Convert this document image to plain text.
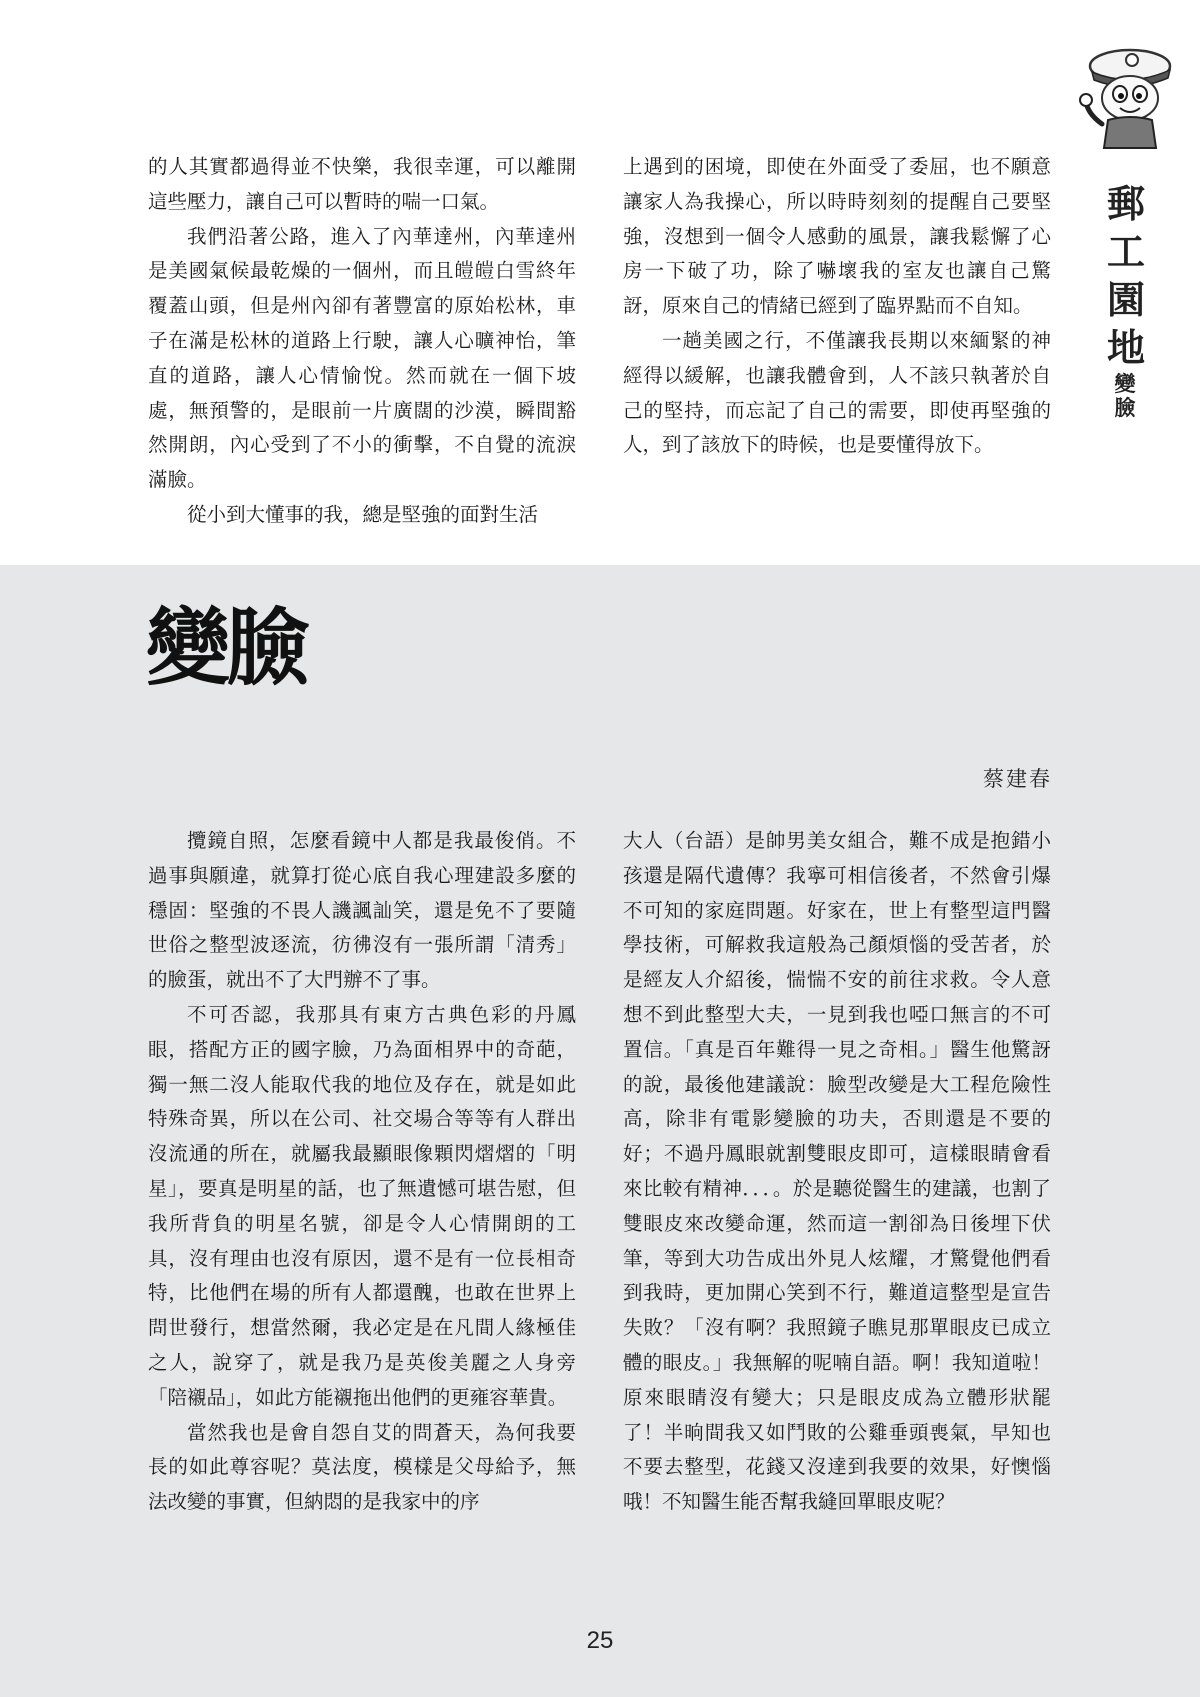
郵
工
園
地
變
臉

的人其實都過得並不快樂，我很幸運，可以離開這些壓力，讓自己可以暫時的喘一口氣。

我們沿著公路，進入了內華達州，內華達州是美國氣候最乾燥的一個州，而且皚皚白雪終年覆蓋山頭，但是州內卻有著豐富的原始松林，車子在滿是松林的道路上行駛，讓人心曠神怡，筆直的道路，讓人心情愉悅。然而就在一個下坡處，無預警的，是眼前一片廣闊的沙漠，瞬間豁然開朗，內心受到了不小的衝擊，不自覺的流淚滿臉。

從小到大懂事的我，總是堅強的面對生活

上遇到的困境，即使在外面受了委屈，也不願意讓家人為我操心，所以時時刻刻的提醒自己要堅強，沒想到一個令人感動的風景，讓我鬆懈了心房一下破了功，除了嚇壞我的室友也讓自己驚訝，原來自己的情緒已經到了臨界點而不自知。

一趟美國之行，不僅讓我長期以來緬緊的神經得以緩解，也讓我體會到，人不該只執著於自己的堅持，而忘記了自己的需要，即使再堅強的人，到了該放下的時候，也是要懂得放下。

變臉
蔡建春

攬鏡自照，怎麼看鏡中人都是我最俊俏。不過事與願違，就算打從心底自我心理建設多麼的穩固：堅強的不畏人譏諷訕笑，還是免不了要隨世俗之整型波逐流，彷彿沒有一張所謂「清秀」的臉蛋，就出不了大門辦不了事。

不可否認，我那具有東方古典色彩的丹鳳眼，搭配方正的國字臉，乃為面相界中的奇葩，獨一無二沒人能取代我的地位及存在，就是如此特殊奇異，所以在公司、社交場合等等有人群出沒流通的所在，就屬我最顯眼像顆閃熠熠的「明星」，要真是明星的話，也了無遺憾可堪告慰，但我所背負的明星名號，卻是令人心情開朗的工具，沒有理由也沒有原因，還不是有一位長相奇特，比他們在場的所有人都還醜，也敢在世界上問世發行，想當然爾，我必定是在凡間人緣極佳之人，說穿了，就是我乃是英俊美麗之人身旁「陪襯品」，如此方能襯拖出他們的更雍容華貴。

當然我也是會自怨自艾的問蒼天，為何我要長的如此尊容呢？莫法度，模樣是父母給予，無法改變的事實，但納悶的是我家中的序

大人（台語）是帥男美女組合，難不成是抱錯小孩還是隔代遺傳？我寧可相信後者，不然會引爆不可知的家庭問題。好家在，世上有整型這門醫學技術，可解救我這般為己顏煩惱的受苦者，於是經友人介紹後，惴惴不安的前往求救。令人意想不到此整型大夫，一見到我也啞口無言的不可置信。「真是百年難得一見之奇相。」醫生他驚訝的說，最後他建議說：臉型改變是大工程危險性高，除非有電影變臉的功夫，否則還是不要的好；不過丹鳳眼就割雙眼皮即可，這樣眼睛會看來比較有精神．．．。於是聽從醫生的建議，也割了雙眼皮來改變命運，然而這一割卻為日後埋下伏筆，等到大功告成出外見人炫耀，才驚覺他們看到我時，更加開心笑到不行，難道這整型是宣告失敗？「沒有啊？我照鏡子瞧見那單眼皮已成立體的眼皮。」我無解的呢喃自語。啊！我知道啦！原來眼睛沒有變大；只是眼皮成為立體形狀罷了！半晌間我又如鬥敗的公雞垂頭喪氣，早知也不要去整型，花錢又沒達到我要的效果，好懊惱哦！不知醫生能否幫我縫回單眼皮呢？

25
